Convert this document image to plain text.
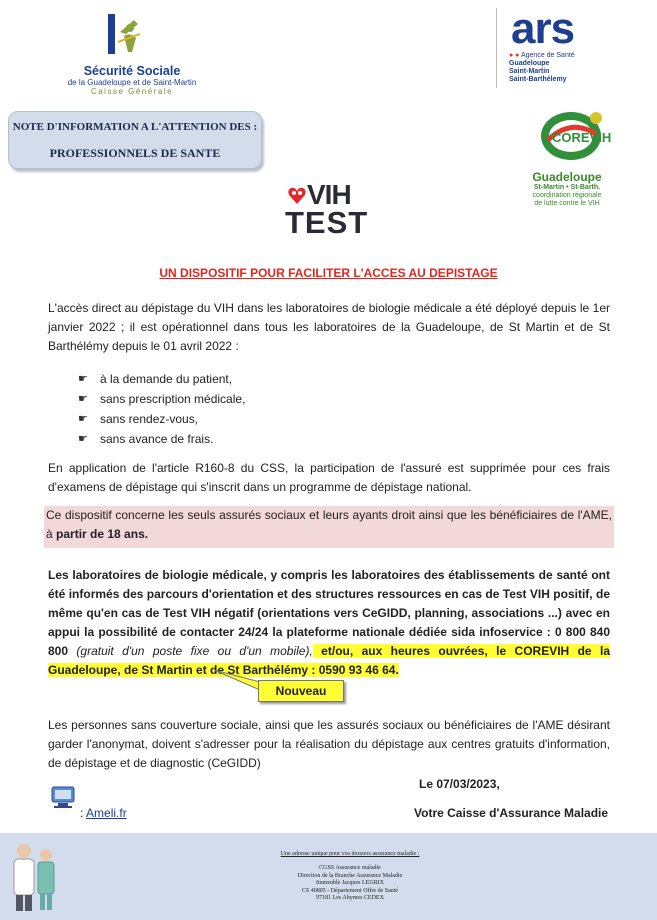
Sécurité Sociale
de la Guadeloupe et de Saint-Martin
Caisse Générale
ars
● ● Agence de Santé
Guadeloupe
Saint-Martin
Saint-Barthélemy
NOTE D'INFORMATION A L'ATTENTION DES :
PROFESSIONNELS DE SANTE
COREVIH
Guadeloupe
St-Martin • St-Barth.
coordination régionale
de lutte contre le VIH
VIH
TEST
UN DISPOSITIF POUR FACILITER L'ACCES AU DEPISTAGE
L'accès direct au dépistage du VIH dans les laboratoires de biologie médicale a été déployé depuis le 1er janvier 2022 ; il est opérationnel dans tous les laboratoires de la Guadeloupe, de St Martin et de St Barthélémy depuis le 01 avril 2022 :
☛ à la demande du patient,
☛ sans prescription médicale,
☛ sans rendez-vous,
☛ sans avance de frais.
En application de l'article R160-8 du CSS, la participation de l'assuré est supprimée pour ces frais d'examens de dépistage qui s'inscrit dans un programme de dépistage national.
Ce dispositif concerne les seuls assurés sociaux et leurs ayants droit ainsi que les bénéficiaires de l'AME, à partir de 18 ans.
Les laboratoires de biologie médicale, y compris les laboratoires des établissements de santé ont été informés des parcours d'orientation et des structures ressources en cas de Test VIH positif, de même qu'en cas de Test VIH négatif (orientations vers CeGIDD, planning, associations ...) avec en appui la possibilité de contacter 24/24 la plateforme nationale dédiée sida infoservice : 0 800 840 800 (gratuit d'un poste fixe ou d'un mobile), et/ou, aux heures ouvrées, le COREVIH de la Guadeloupe, de St Martin et de St Barthélémy : 0590 93 46 64.
Nouveau
Les personnes sans couverture sociale, ainsi que les assurés sociaux ou bénéficiaires de l'AME désirant garder l'anonymat, doivent s'adresser pour la réalisation du dépistage aux centres gratuits d'information, de dépistage et de diagnostic (CeGIDD)
Le 07/03/2023,
Votre Caisse d'Assurance Maladie
: Ameli.fr
Une adresse unique pour vos dossiers assurance maladie :
CGSS Assurance maladie
Direction de la Branche Assurance Maladie
Immeuble Jacques LEGRIX
CS 40805 - Département Offre de Santé
97181 Les Abymes CEDEX
